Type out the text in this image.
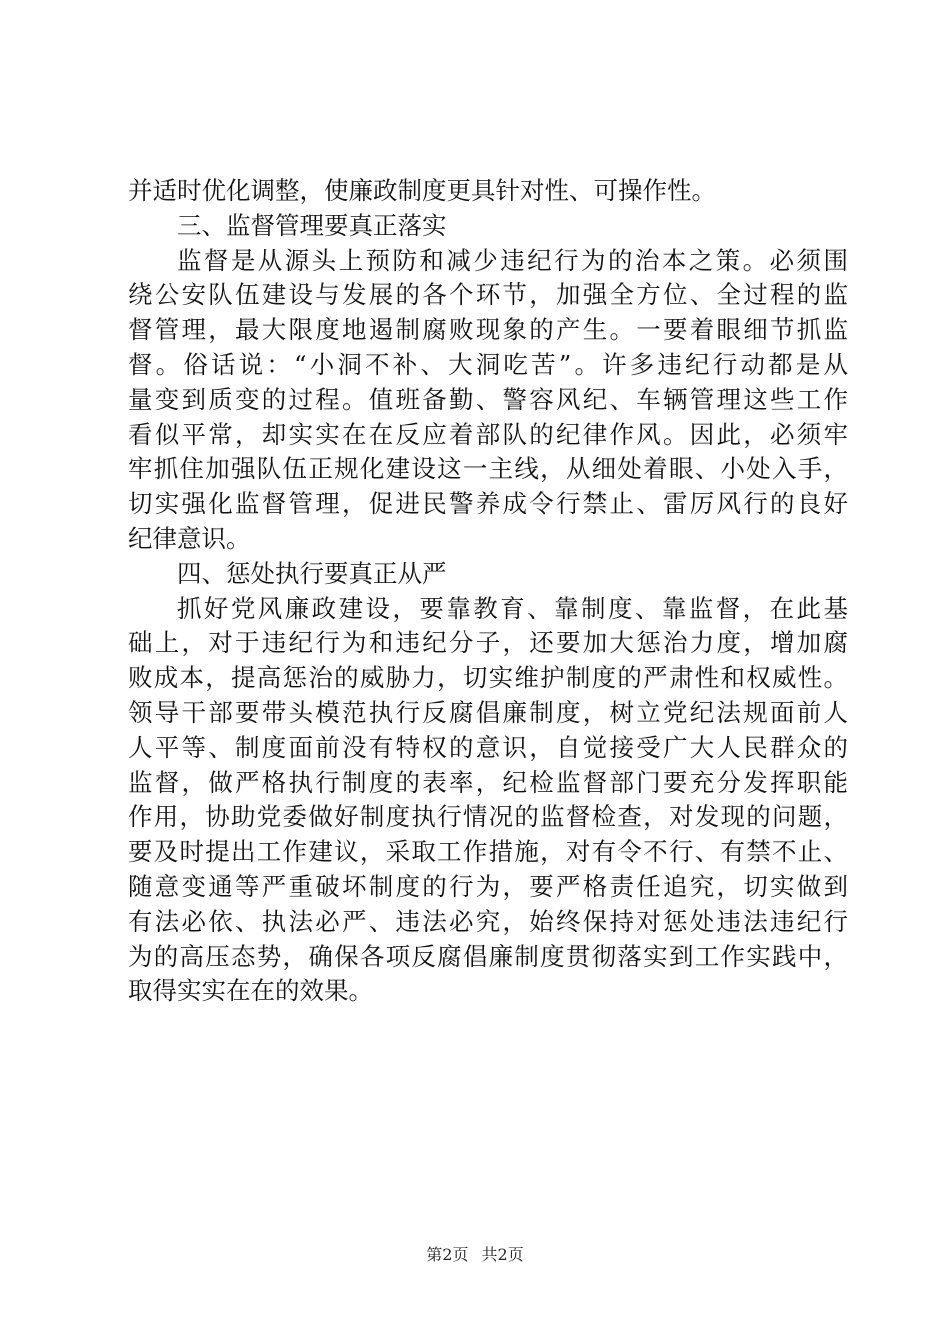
并适时优化调整，使廉政制度更具针对性、可操作性。
三、监督管理要真正落实
监督是从源头上预防和减少违纪行为的治本之策。必须围
绕公安队伍建设与发展的各个环节，加强全方位、全过程的监
督管理，最大限度地遏制腐败现象的产生。一要着眼细节抓监
督。俗话说：“小洞不补、大洞吃苦”。许多违纪行动都是从
量变到质变的过程。值班备勤、警容风纪、车辆管理这些工作
看似平常，却实实在在反应着部队的纪律作风。因此，必须牢
牢抓住加强队伍正规化建设这一主线，从细处着眼、小处入手，
切实强化监督管理，促进民警养成令行禁止、雷厉风行的良好
纪律意识。
四、惩处执行要真正从严
抓好党风廉政建设，要靠教育、靠制度、靠监督，在此基
础上，对于违纪行为和违纪分子，还要加大惩治力度，增加腐
败成本，提高惩治的威胁力，切实维护制度的严肃性和权威性。
领导干部要带头模范执行反腐倡廉制度，树立党纪法规面前人
人平等、制度面前没有特权的意识，自觉接受广大人民群众的
监督，做严格执行制度的表率，纪检监督部门要充分发挥职能
作用，协助党委做好制度执行情况的监督检查，对发现的问题，
要及时提出工作建议，采取工作措施，对有令不行、有禁不止、
随意变通等严重破坏制度的行为，要严格责任追究，切实做到
有法必依、执法必严、违法必究，始终保持对惩处违法违纪行
为的高压态势，确保各项反腐倡廉制度贯彻落实到工作实践中，
取得实实在在的效果。
第2页 共2页
